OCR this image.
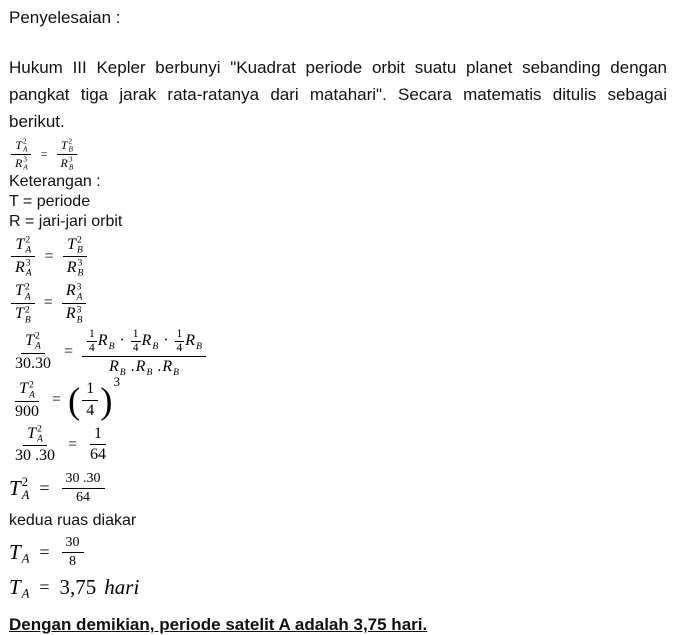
Penyelesaian :

Hukum III Kepler berbunyi "Kuadrat periode orbit suatu planet sebanding dengan pangkat tiga jarak rata-ratanya dari matahari". Secara matematis ditulis sebagai berikut.

T 2
A
R 3
A = T 2
B
R 3
B

Keterangan :

T = periode

R = jari-jari orbit

T 2
A
R 3
A = T 2
B
R 3
B
T 2
A
T 2
B = R 3
A
R 3
B
T 2
A
$30.30 = \frac{\frac{1}{4} R B \cdot \frac{1}{4} R B \cdot \frac{1}{4} R B}{\text{R B . R B . R B}}$
T 2
A
900 = ( $\frac{1}{4}$ ) 3
T 2
A
30 $.30 = \frac{1}{64}$
T 2
$A = \frac{30 .30}{64}$

kedua ruas diakar

T $A = \frac{30}{8}$
T A = 3,75 hari

Dengan demikian, periode satelit A adalah 3,75 hari.
